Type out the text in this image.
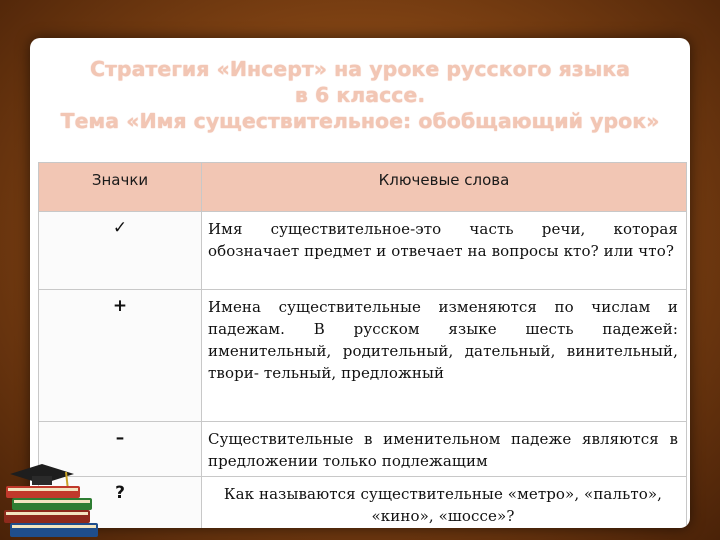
Стратегия «Инсерт» на уроке русского языка
в 6 классе.
Тема «Имя существительное: обобщающий урок»
Значки	Ключевые слова
✓	Имя существительное-это часть речи, которая обозначает предмет и отвечает на вопросы кто? или что?
+	Имена существительные изменяются по числам и падежам. В русском языке шесть падежей: именительный, родительный, дательный, винительный, твори- тельный, предложный
–	Существительные в именительном падеже являются в предложении только подлежащим
?	Как называются существительные «метро», «пальто», «кино», «шоссе»?
